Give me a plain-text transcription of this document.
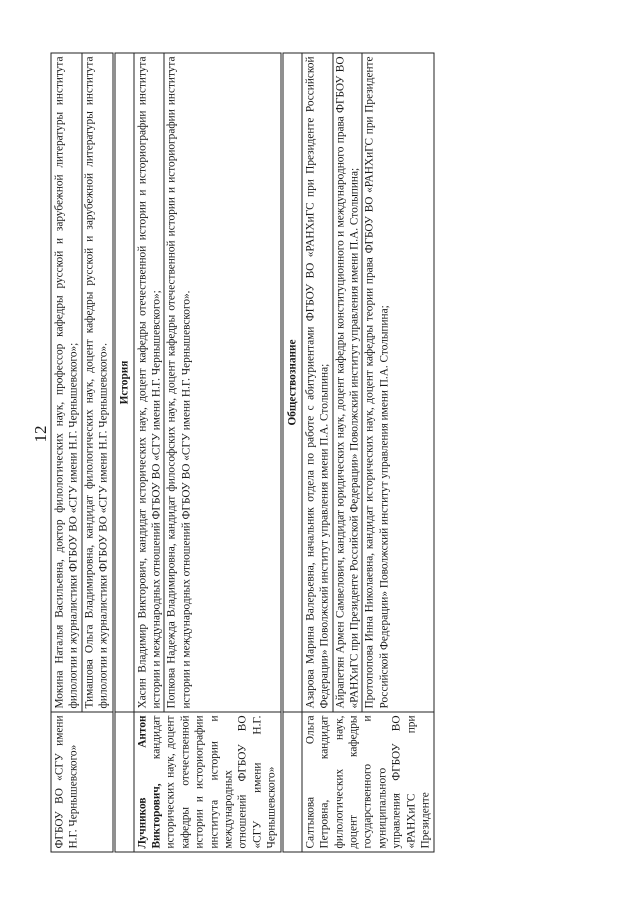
12
ФГБОУ ВО «СГУ имени Н.Г. Чернышевского»	Мокина Наталья Васильевна, доктор филологических наук, профессор кафедры русской и зарубежной литературы института филологии и журналистики ФГБОУ ВО «СГУ имени Н.Г. Чернышевского»; Тимашова Ольга Владимировна, кандидат филологических наук, доцент кафедры русской и зарубежной литературы института филологии и журналистики ФГБОУ ВО «СГУ имени Н.Г. Чернышевского».

	История
Лучников Антон Викторович, кандидат исторических наук, доцент кафедры отечественной истории и историографии института истории и международных отношений ФГБОУ ВО «СГУ имени Н.Г. Чернышевского»	Хасин Владимир Викторович, кандидат исторических наук, доцент кафедры отечественной истории и историографии института истории и международных отношений ФГБОУ ВО «СГУ имени Н.Г. Чернышевского»; Попкова Надежда Владимировна, кандидат философских наук, доцент кафедры отечественной истории и историографии института истории и международных отношений ФГБОУ ВО «СГУ имени Н.Г. Чернышевского».

	Обществознание
Салтыкова Ольга Петровна, кандидат филологических наук, доцент кафедры государственного и муниципального управления ФГБОУ ВО «РАНХиГС при Президенте	Азарова Марина Валерьевна, начальник отдела по работе с абитуриентами ФГБОУ ВО «РАНХиГС при Президенте Российской Федерации» Поволжский институт управления имени П.А. Столыпина; Айрапетян Армен Самвелович, кандидат юридических наук, доцент кафедры конституционного и международного права ФГБОУ ВО «РАНХиГС при Президенте Российской Федерации» Поволжский институт управления имени П.А. Столыпина; Протопопова Инна Николаевна, кандидат исторических наук, доцент кафедры теории права ФГБОУ ВО «РАНХиГС при Президенте Российской Федерации» Поволжский институт управления имени П.А. Столыпина;
